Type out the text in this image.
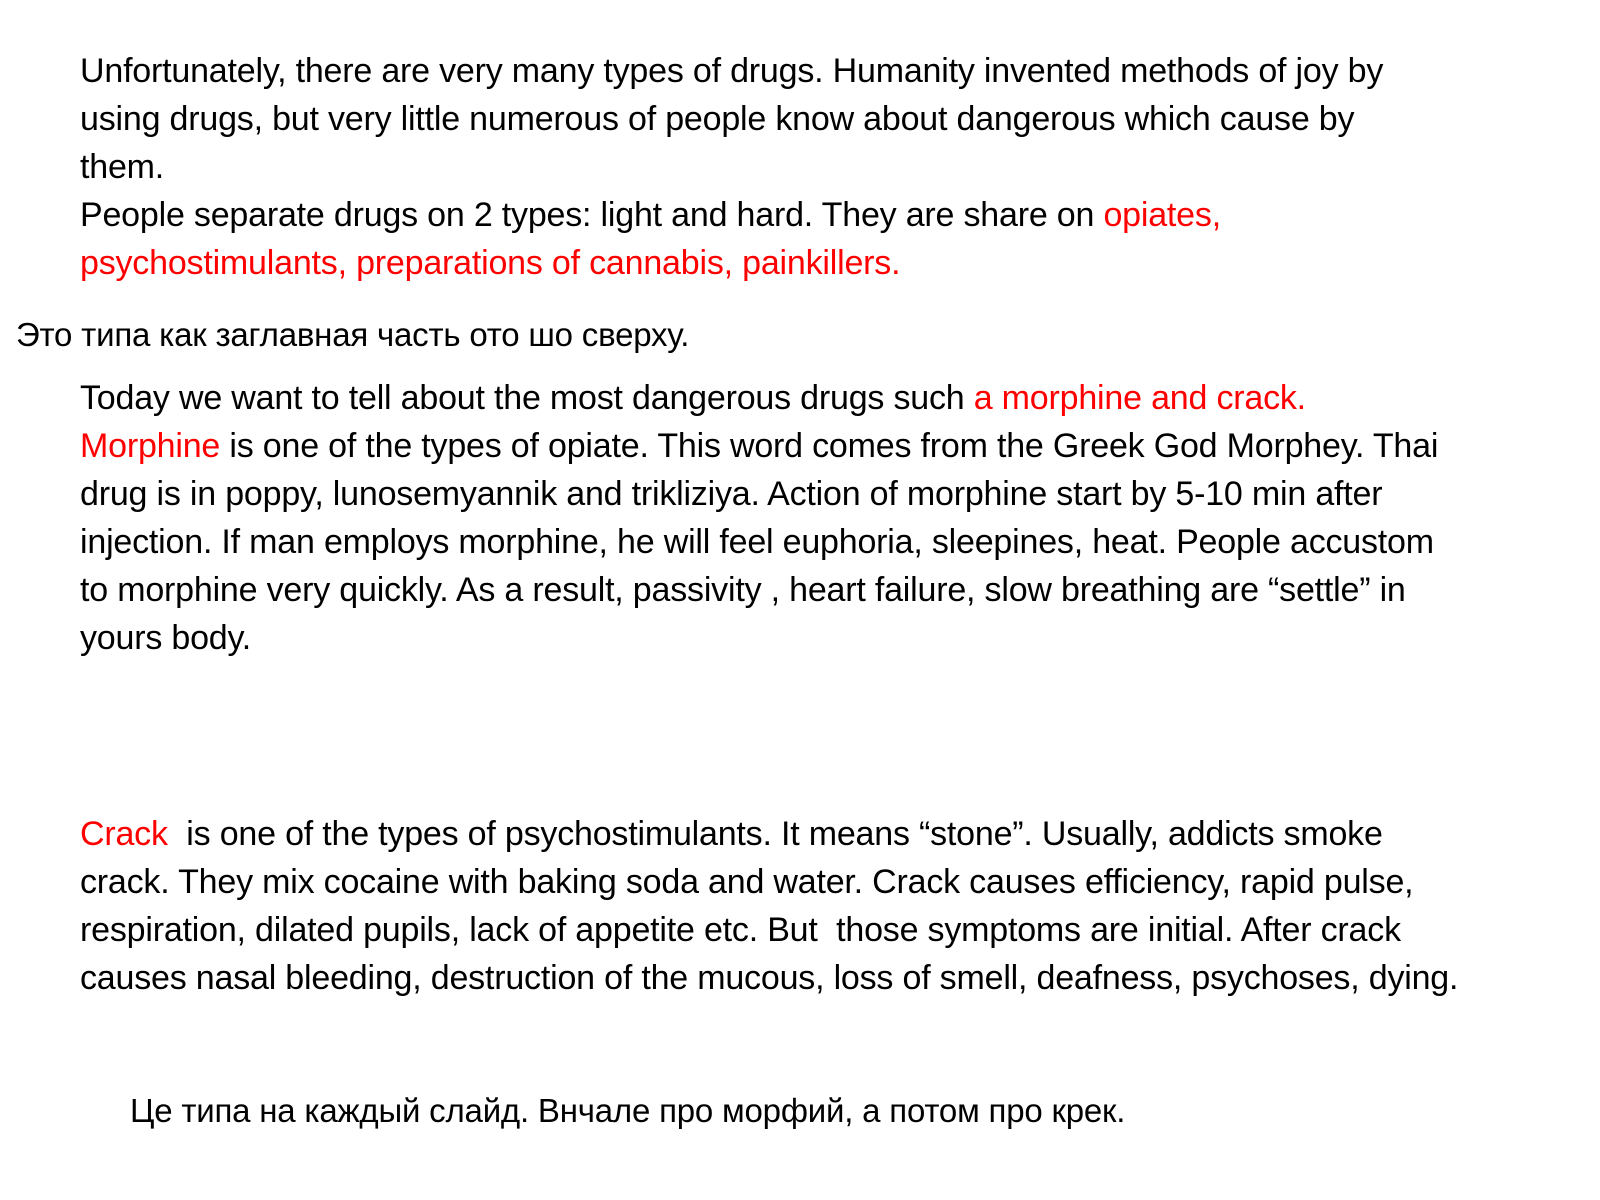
Unfortunately, there are very many types of drugs. Humanity invented methods of joy by
using drugs, but very little numerous of people know about dangerous which cause by
them.
People separate drugs on 2 types: light and hard. They are share on opiates,
psychostimulants, preparations of cannabis, painkillers.
Это типа как заглавная часть ото шо сверху.
Today we want to tell about the most dangerous drugs such a morphine and crack.
Morphine is one of the types of opiate. This word comes from the Greek God Morphey. Thai
drug is in poppy, lunosemyannik and trikliziya. Action of morphine start by 5-10 min after
injection. If man employs morphine, he will feel euphoria, sleepines, heat. People accustom
to morphine very quickly. As a result, passivity , heart failure, slow breathing are “settle” in
yours body.
Crack  is one of the types of psychostimulants. It means “stone”. Usually, addicts smoke
crack. They mix cocaine with baking soda and water. Crack causes efficiency, rapid pulse,
respiration, dilated pupils, lack of appetite etc. But  those symptoms are initial. After crack
causes nasal bleeding, destruction of the mucous, loss of smell, deafness, psychoses, dying.
Це типа на каждый слайд. Внчале про морфий, а потом про крек.
